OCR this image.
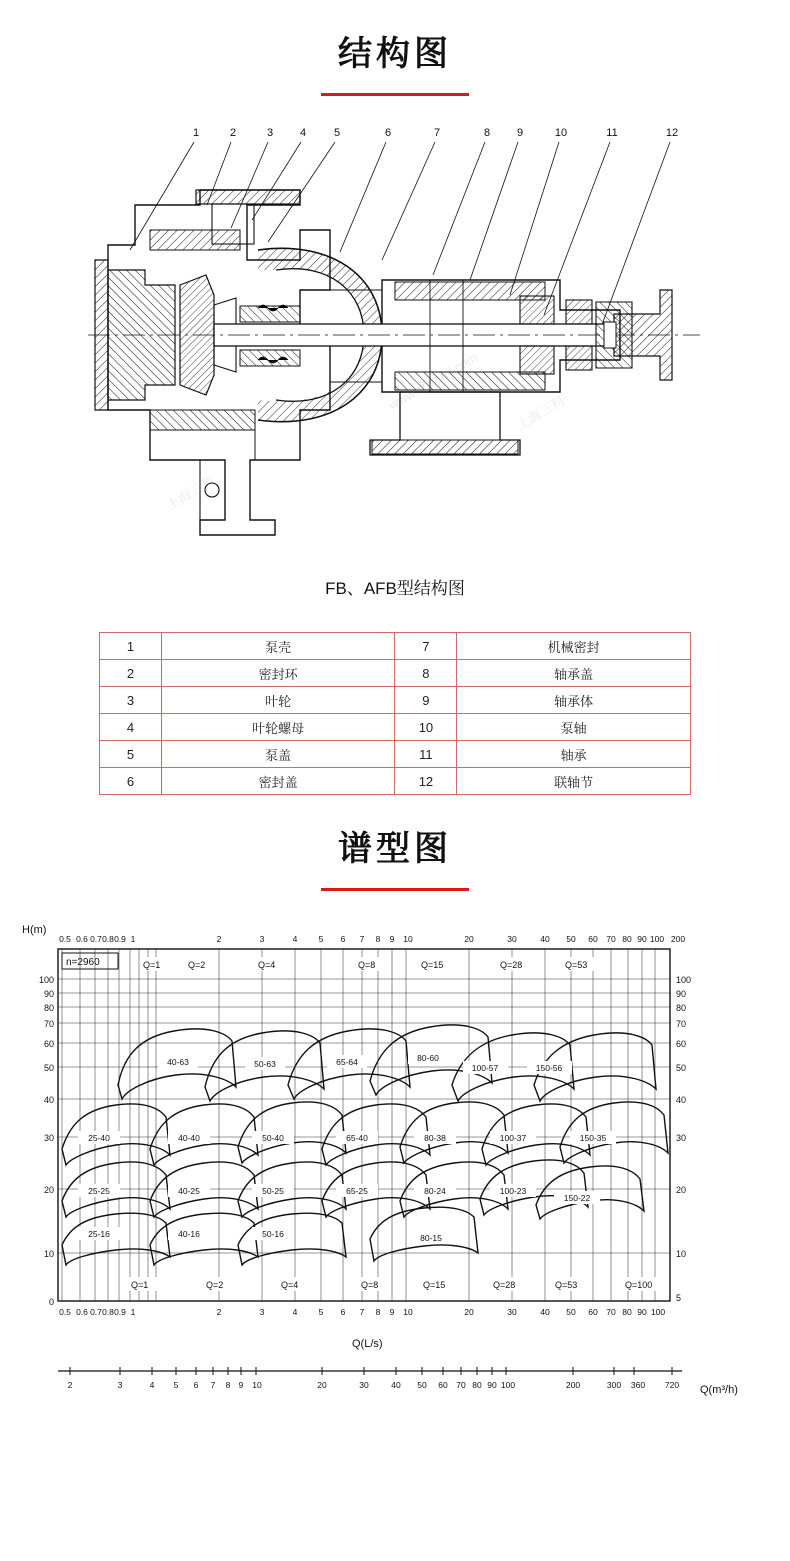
结构图
1	2	3 4	5	6	7	8 9	10	11	12
www.shsanli.com
上海三利
上海三利
FB、AFB型结构图
1	泵壳	7	机械密封
2	密封环	8	轴承盖
3	叶轮	9	轴承体
4	叶轮螺母	10	泵轴
5	泵盖	11	轴承
6	密封盖	12	联轴节
谱型图
H(m)
Q(L/s)
Q(m³/h)
n=2960
0.5 0.6 0.7 0.8 0.9 1	2	3	4	5 6 7 8 9 10	20	30	40 50 60 70 80 90 100 200
100
90
80
70
60
50
40
30
20
10
0
100
90
80
70
60
50
40
30
20
10
5
Q=1	Q=2	Q=4	Q=8	Q=15	Q=28	Q=53
Q=1	Q=2	Q=4	Q=8	Q=15	Q=28	Q=53	Q=100
40-63	50-63	65-64	80-60
100-57	150-56
25-40	40-40	50-40	65-40	80-38	100-37	150-35
25-25	40-25	50-25	65-25	80-24	100-23
150-22
25-16	40-16	50-16	80-15
0.5 0.6 0.7 0.8 0.9 1	2	3	4	5 6 7 8 9 10	20	30	40 50 60 70 80 90 100
2	3	4 5 6 7 8 9 10	20	30	40 50 60 70 80 90 100	200	300 360 720
